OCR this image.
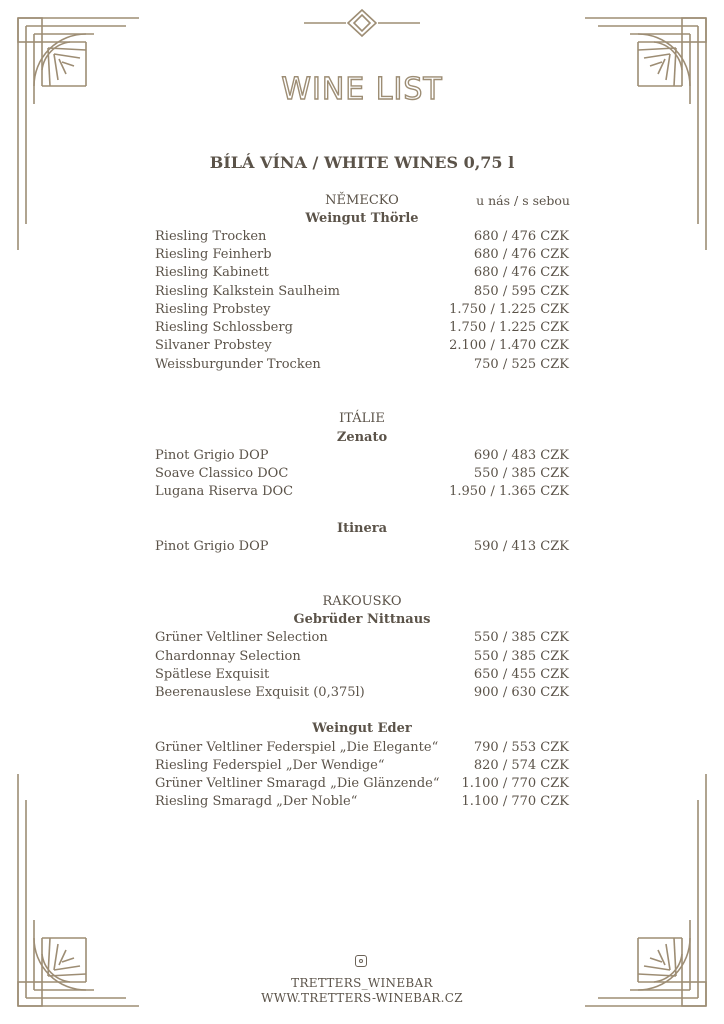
WINE LIST
BÍLÁ VÍNA / WHITE WINES 0,75 l
u nás / s sebou
NĚMECKO
Weingut Thörle
Riesling Trocken	680 / 476 CZK
Riesling Feinherb	680 / 476 CZK
Riesling Kabinett	680 / 476 CZK
Riesling Kalkstein Saulheim	850 / 595 CZK
Riesling Probstey	1.750 / 1.225 CZK
Riesling Schlossberg	1.750 / 1.225 CZK
Silvaner Probstey	2.100 / 1.470 CZK
Weissburgunder Trocken	750 / 525 CZK
ITÁLIE
Zenato
Pinot Grigio DOP	690 / 483 CZK
Soave Classico DOC	550 / 385 CZK
Lugana Riserva DOC	1.950 / 1.365 CZK
Itinera
Pinot Grigio DOP	590 / 413 CZK
RAKOUSKO
Gebrüder Nittnaus
Grüner Veltliner Selection	550 / 385 CZK
Chardonnay Selection	550 / 385 CZK
Spätlese Exquisit	650 / 455 CZK
Beerenauslese Exquisit (0,375l)	900 / 630 CZK
Weingut Eder
Grüner Veltliner Federspiel „Die Elegante“	790 / 553 CZK
Riesling Federspiel „Der Wendige“	820 / 574 CZK
Grüner Veltliner Smaragd „Die Glänzende“ 1.100 / 770 CZK
Riesling Smaragd „Der Noble“	1.100 / 770 CZK
TRETTERS_WINEBAR
WWW.TRETTERS-WINEBAR.CZ
